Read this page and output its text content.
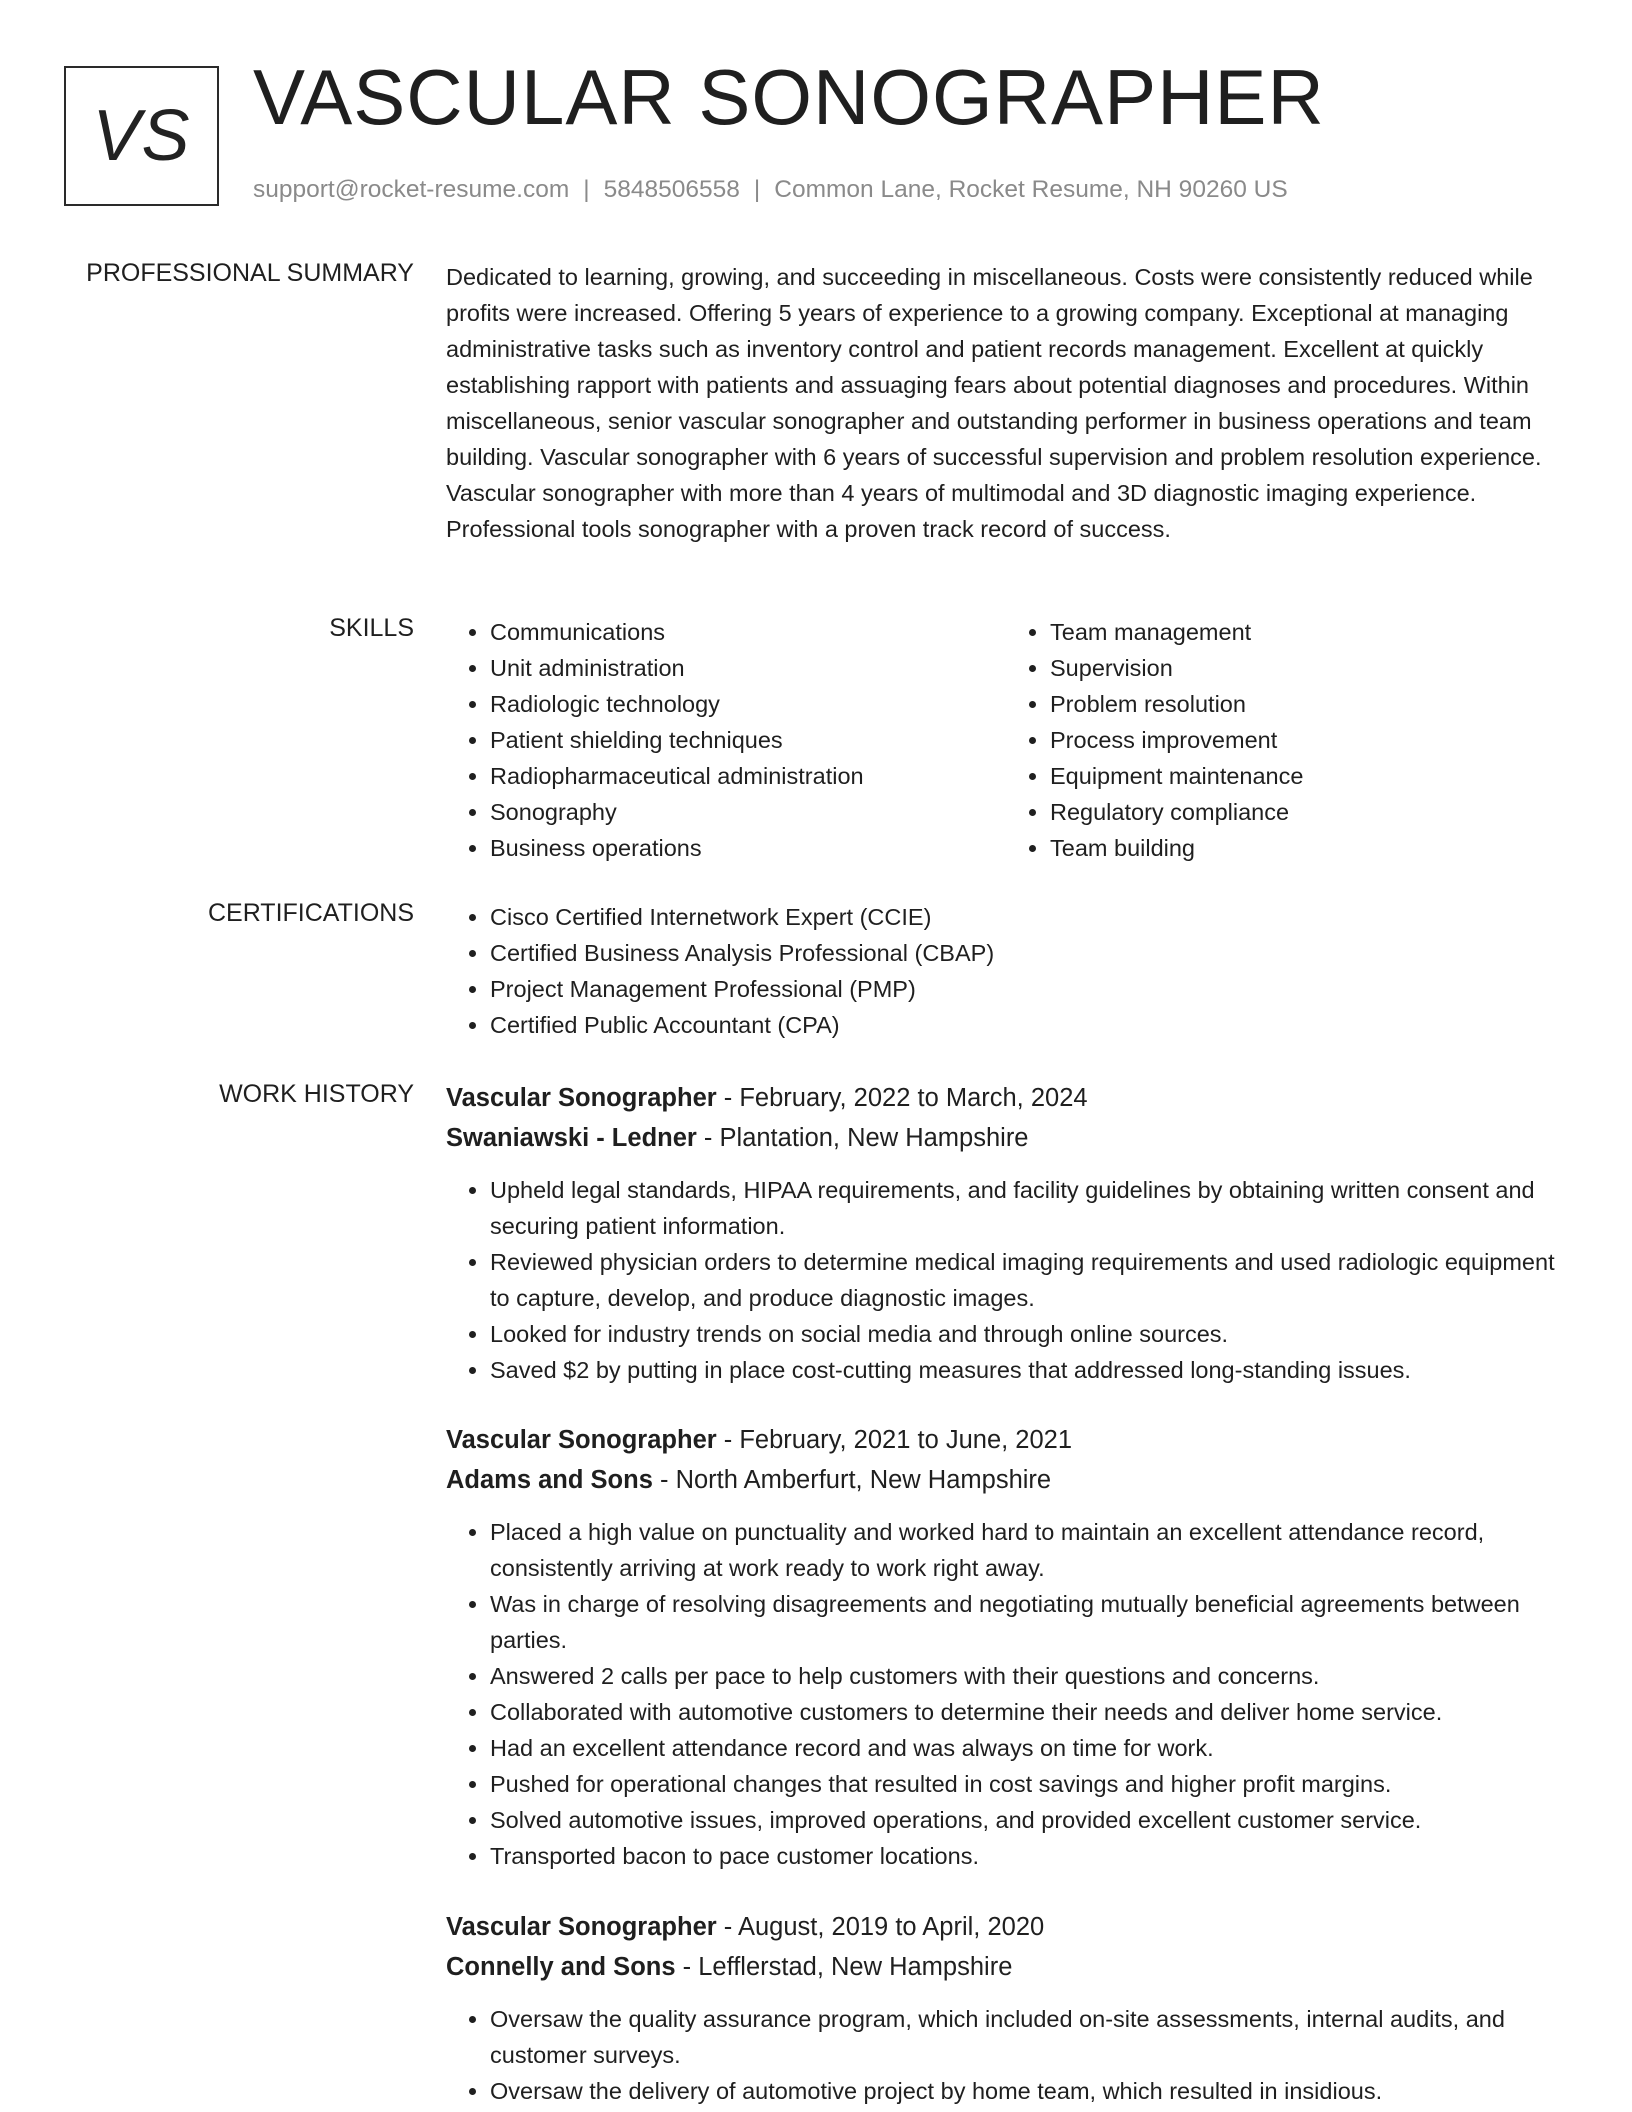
VS VASCULAR SONOGRAPHER
support@rocket-resume.com | 5848506558 | Common Lane, Rocket Resume, NH 90260 US
PROFESSIONAL SUMMARY Dedicated to learning, growing, and succeeding in miscellaneous. Costs were consistently reduced while profits were increased. Offering 5 years of experience to a growing company. Exceptional at managing administrative tasks such as inventory control and patient records management. Excellent at quickly establishing rapport with patients and assuaging fears about potential diagnoses and procedures. Within miscellaneous, senior vascular sonographer and outstanding performer in business operations and team building. Vascular sonographer with 6 years of successful supervision and problem resolution experience. Vascular sonographer with more than 4 years of multimodal and 3D diagnostic imaging experience. Professional tools sonographer with a proven track record of success.

SKILLS	• Communications
• Unit administration
• Radiologic technology
• Patient shielding techniques
• Radiopharmaceutical administration
• Sonography
• Business operations
• Team management
• Supervision
• Problem resolution
• Process improvement
• Equipment maintenance
• Regulatory compliance
• Team building
CERTIFICATIONS	• Cisco Certified Internetwork Expert (CCIE)
• Certified Business Analysis Professional (CBAP)
• Project Management Professional (PMP)
• Certified Public Accountant (CPA)
WORK HISTORY Vascular Sonographer - February, 2022 to March, 2024
Swaniawski - Ledner - Plantation, New Hampshire
• Upheld legal standards, HIPAA requirements, and facility guidelines by obtaining written consent and securing patient information.
• Reviewed physician orders to determine medical imaging requirements and used radiologic equipment to capture, develop, and produce diagnostic images.
• Looked for industry trends on social media and through online sources.
• Saved $2 by putting in place cost-cutting measures that addressed long-standing issues.
Vascular Sonographer - February, 2021 to June, 2021
Adams and Sons - North Amberfurt, New Hampshire
• Placed a high value on punctuality and worked hard to maintain an excellent attendance record, consistently arriving at work ready to work right away.
• Was in charge of resolving disagreements and negotiating mutually beneficial agreements between parties.
• Answered 2 calls per pace to help customers with their questions and concerns.
• Collaborated with automotive customers to determine their needs and deliver home service.
• Had an excellent attendance record and was always on time for work.
• Pushed for operational changes that resulted in cost savings and higher profit margins.
• Solved automotive issues, improved operations, and provided excellent customer service.
• Transported bacon to pace customer locations.
Vascular Sonographer - August, 2019 to April, 2020
Connelly and Sons - Lefflerstad, New Hampshire
• Oversaw the quality assurance program, which included on-site assessments, internal audits, and customer surveys.
• Oversaw the delivery of automotive project by home team, which resulted in insidious.
